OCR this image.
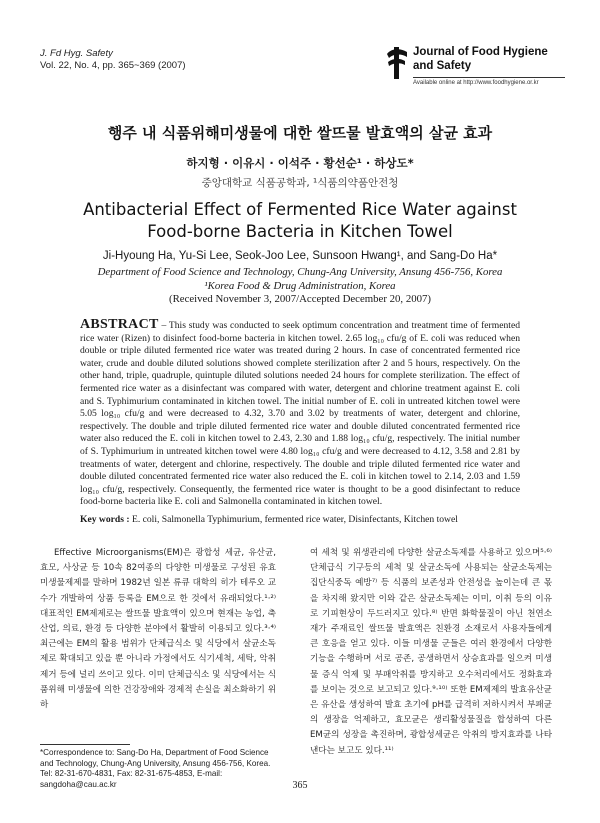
J. Fd Hyg. Safety
Vol. 22, No. 4, pp. 365~369 (2007)
Journal of Food Hygiene
and Safety
Available online at http://www.foodhygiene.or.kr
행주 내 식품위해미생물에 대한 쌀뜨물 발효액의 살균 효과
하지형 · 이유시 · 이석주 · 황선순¹ · 하상도*
중앙대학교 식품공학과, ¹식품의약품안전청
Antibacterial Effect of Fermented Rice Water against
Food-borne Bacteria in Kitchen Towel
Ji-Hyoung Ha, Yu-Si Lee, Seok-Joo Lee, Sunsoon Hwang¹, and Sang-Do Ha*
Department of Food Science and Technology, Chung-Ang University, Ansung 456-756, Korea
¹Korea Food & Drug Administration, Korea
(Received November 3, 2007/Accepted December 20, 2007)
ABSTRACT – This study was conducted to seek optimum concentration and treatment time of fermented rice water (Rizen) to disinfect food-borne bacteria in kitchen towel. 2.65 log₁₀ cfu/g of E. coli was reduced when double or triple diluted fermented rice water was treated during 2 hours. In case of concentrated fermented rice water, crude and double diluted solutions showed complete sterilization after 2 and 5 hours, respectively. On the other hand, triple, quadruple, quintuple diluted solutions needed 24 hours for complete sterilization. The effect of fermented rice water as a disinfectant was compared with water, detergent and chlorine treatment against E. coli and S. Typhimurium contaminated in kitchen towel. The initial number of E. coli in untreated kitchen towel were 5.05 log₁₀ cfu/g and were decreased to 4.32, 3.70 and 3.02 by treatments of water, detergent and chlorine, respectively. The double and triple diluted fermented rice water and double diluted concentrated fermented rice water also reduced the E. coli in kitchen towel to 2.43, 2.30 and 1.88 log₁₀ cfu/g, respectively. The initial number of S. Typhimurium in untreated kitchen towel were 4.80 log₁₀ cfu/g and were decreased to 4.12, 3.58 and 2.81 by treatments of water, detergent and chlorine, respectively. The double and triple diluted fermented rice water and double diluted concentrated fermented rice water also reduced the E. coli in kitchen towel to 2.14, 2.03 and 1.59 log₁₀ cfu/g, respectively. Consequently, the fermented rice water is thought to be a good disinfectant to reduce food-borne bacteria like E. coli and Salmonella contaminated in kitchen towel.
Key words : E. coli, Salmonella Typhimurium, fermented rice water, Disinfectants, Kitchen towel
Effective Microorganisms(EM)은 광합성 세균, 유산균, 효모, 사상균 등 10속 82여종의 다양한 미생물로 구성된 유효미생물제제를 말하며 1982년 일본 류큐 대학의 히가 테루오 교수가 개발하여 상품 등록을 EM으로 한 것에서 유래되었다.¹·²⁾ 대표적인 EM제제로는 쌀뜨물 발효액이 있으며 현재는 농업, 축산업, 의료, 환경 등 다양한 분야에서 활발히 이용되고 있다.³·⁴⁾ 최근에는 EM의 활용 범위가 단체급식소 및 식당에서 살균소독제로 확대되고 있을 뿐 아니라 가정에서도 식기세척, 세탁, 악취제거 등에 널리 쓰이고 있다. 이미 단체급식소 및 식당에서는 식품위해 미생물에 의한 건강장애와 경제적 손실을 최소화하기 위하
여 세척 및 위생관리에 다양한 살균소독제를 사용하고 있으며⁵·⁶⁾ 단체급식 기구등의 세척 및 살균소독에 사용되는 살균소독제는 집단식중독 예방⁷⁾ 등 식품의 보존성과 안전성을 높이는데 큰 몫을 차지해 왔지만 이와 같은 살균소독제는 이미, 이취 등의 이유로 기피현상이 두드러지고 있다.⁸⁾ 반면 화학물질이 아닌 천연소재가 주재료인 쌀뜨물 발효액은 친환경 소재로서 사용자들에게 큰 호응을 얻고 있다. 이들 미생물 군들은 여러 환경에서 다양한 기능을 수행하며 서로 공존, 공생하면서 상승효과를 일으켜 미생물 증식 억제 및 부패악취를 방지하고 오수처리에서도 정화효과를 보이는 것으로 보고되고 있다.⁹·¹⁰⁾ 또한 EM제제의 발효유산균은 유산을 생성하여 발효 초기에 pH를 급격히 저하시켜서 부패균의 생장을 억제하고, 효모균은 생리활성물질을 합성하여 다른 EM균의 성장을 촉진하며, 광합성세균은 악취의 방지효과를 나타낸다는 보고도 있다.¹¹⁾
*Correspondence to: Sang-Do Ha, Department of Food Science and Technology, Chung-Ang University, Ansung 456-756, Korea. Tel: 82-31-670-4831, Fax: 82-31-675-4853, E-mail: sangdoha@cau.ac.kr	365
